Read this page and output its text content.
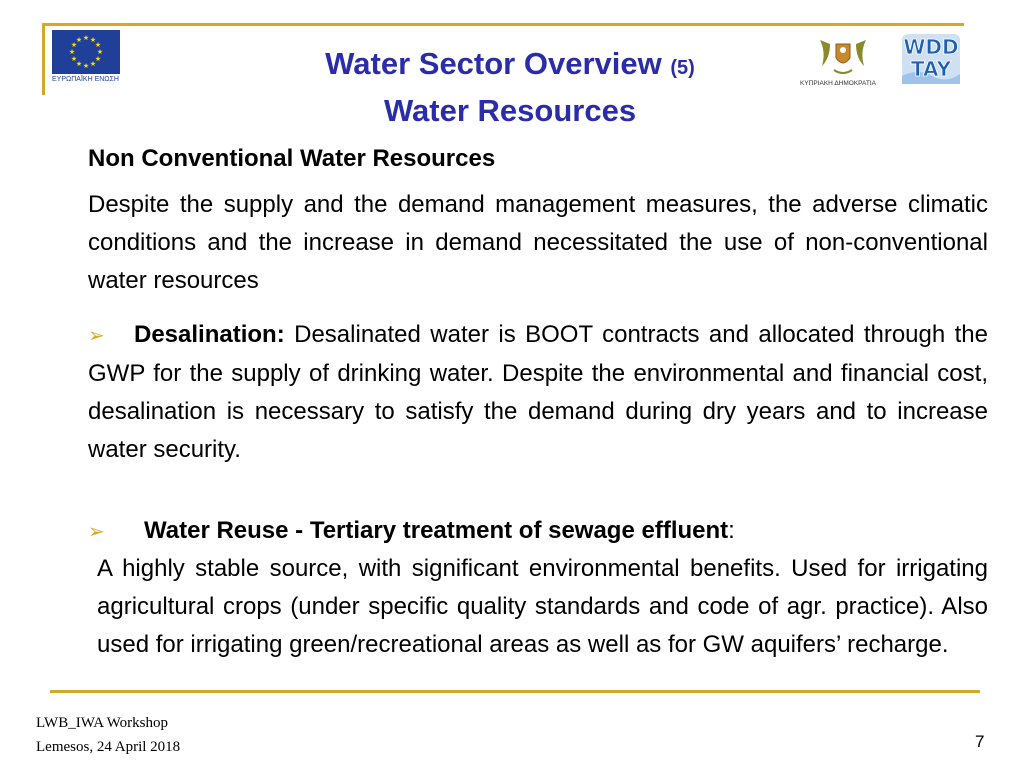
★ ★
★
★
★
★
★
★
★
★
★
★
ΕΥΡΩΠΑΪΚΗ ΕΝΩΣΗ	Water Sector Overview (5)
Water Resources
ΚΥΠΡΙΑΚΗ ΔΗΜΟΚΡΑΤΙΑ
WDD
TAY
Non Conventional Water Resources
Despite the supply and the demand management measures, the adverse climatic conditions and the increase in demand necessitated the use of non-conventional water resources
➢ Desalination: Desalinated water is BOOT contracts and allocated through the GWP for the supply of drinking water. Despite the environmental and financial cost, desalination is necessary to satisfy the demand during dry years and to increase water security.
➢ Water Reuse - Tertiary treatment of sewage effluent:
A highly stable source, with significant environmental benefits. Used for irrigating agricultural crops (under specific quality standards and code of agr. practice). Also used for irrigating green/recreational areas as well as for GW aquifers’ recharge.
LWB_IWA Workshop
Lemesos, 24 April 2018	7
